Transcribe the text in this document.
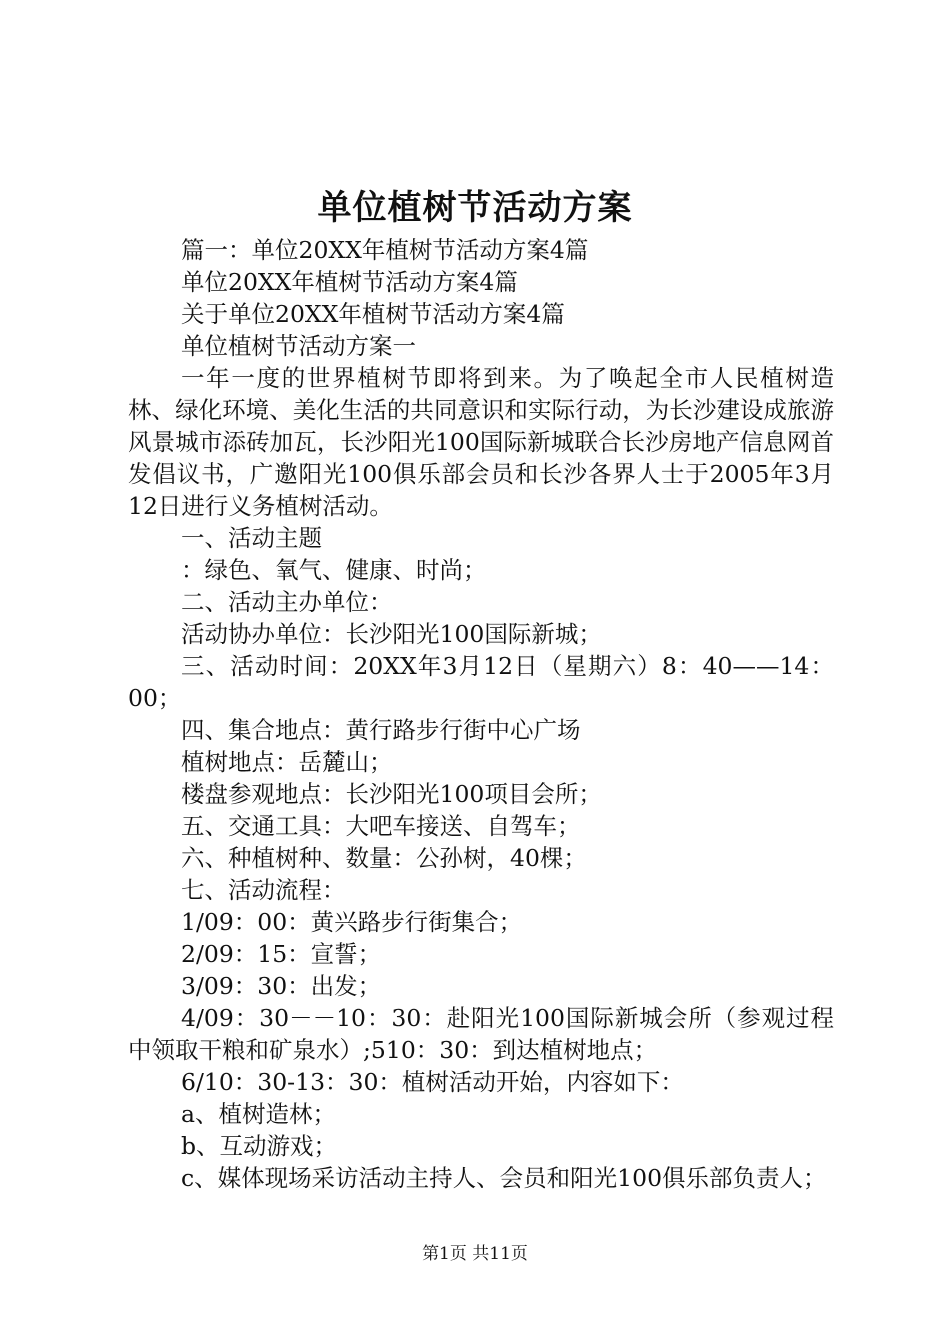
单位植树节活动方案
篇一：单位20XX年植树节活动方案4篇
单位20XX年植树节活动方案4篇
关于单位20XX年植树节活动方案4篇
单位植树节活动方案一
一年一度的世界植树节即将到来。为了唤起全市人民植树造林、绿化环境、美化生活的共同意识和实际行动，为长沙建设成旅游风景城市添砖加瓦，长沙阳光100国际新城联合长沙房地产信息网首发倡议书，广邀阳光100俱乐部会员和长沙各界人士于2005年3月12日进行义务植树活动。
一、活动主题
：绿色、氧气、健康、时尚；
二、活动主办单位：
活动协办单位：长沙阳光100国际新城；
三、活动时间：20XX年3月12日（星期六）8：40——14：00；
四、集合地点：黄行路步行街中心广场
植树地点：岳麓山；
楼盘参观地点：长沙阳光100项目会所；
五、交通工具：大吧车接送、自驾车；
六、种植树种、数量：公孙树，40棵；
七、活动流程：
1/09：00：黄兴路步行街集合；
2/09：15：宣誓；
3/09：30：出发；
4/09：30－－10：30：赴阳光100国际新城会所（参观过程中领取干粮和矿泉水）;510：30：到达植树地点；
6/10：30-13：30：植树活动开始，内容如下：
a、植树造林；
b、互动游戏；
c、媒体现场采访活动主持人、会员和阳光100俱乐部负责人；
第1页 共11页
